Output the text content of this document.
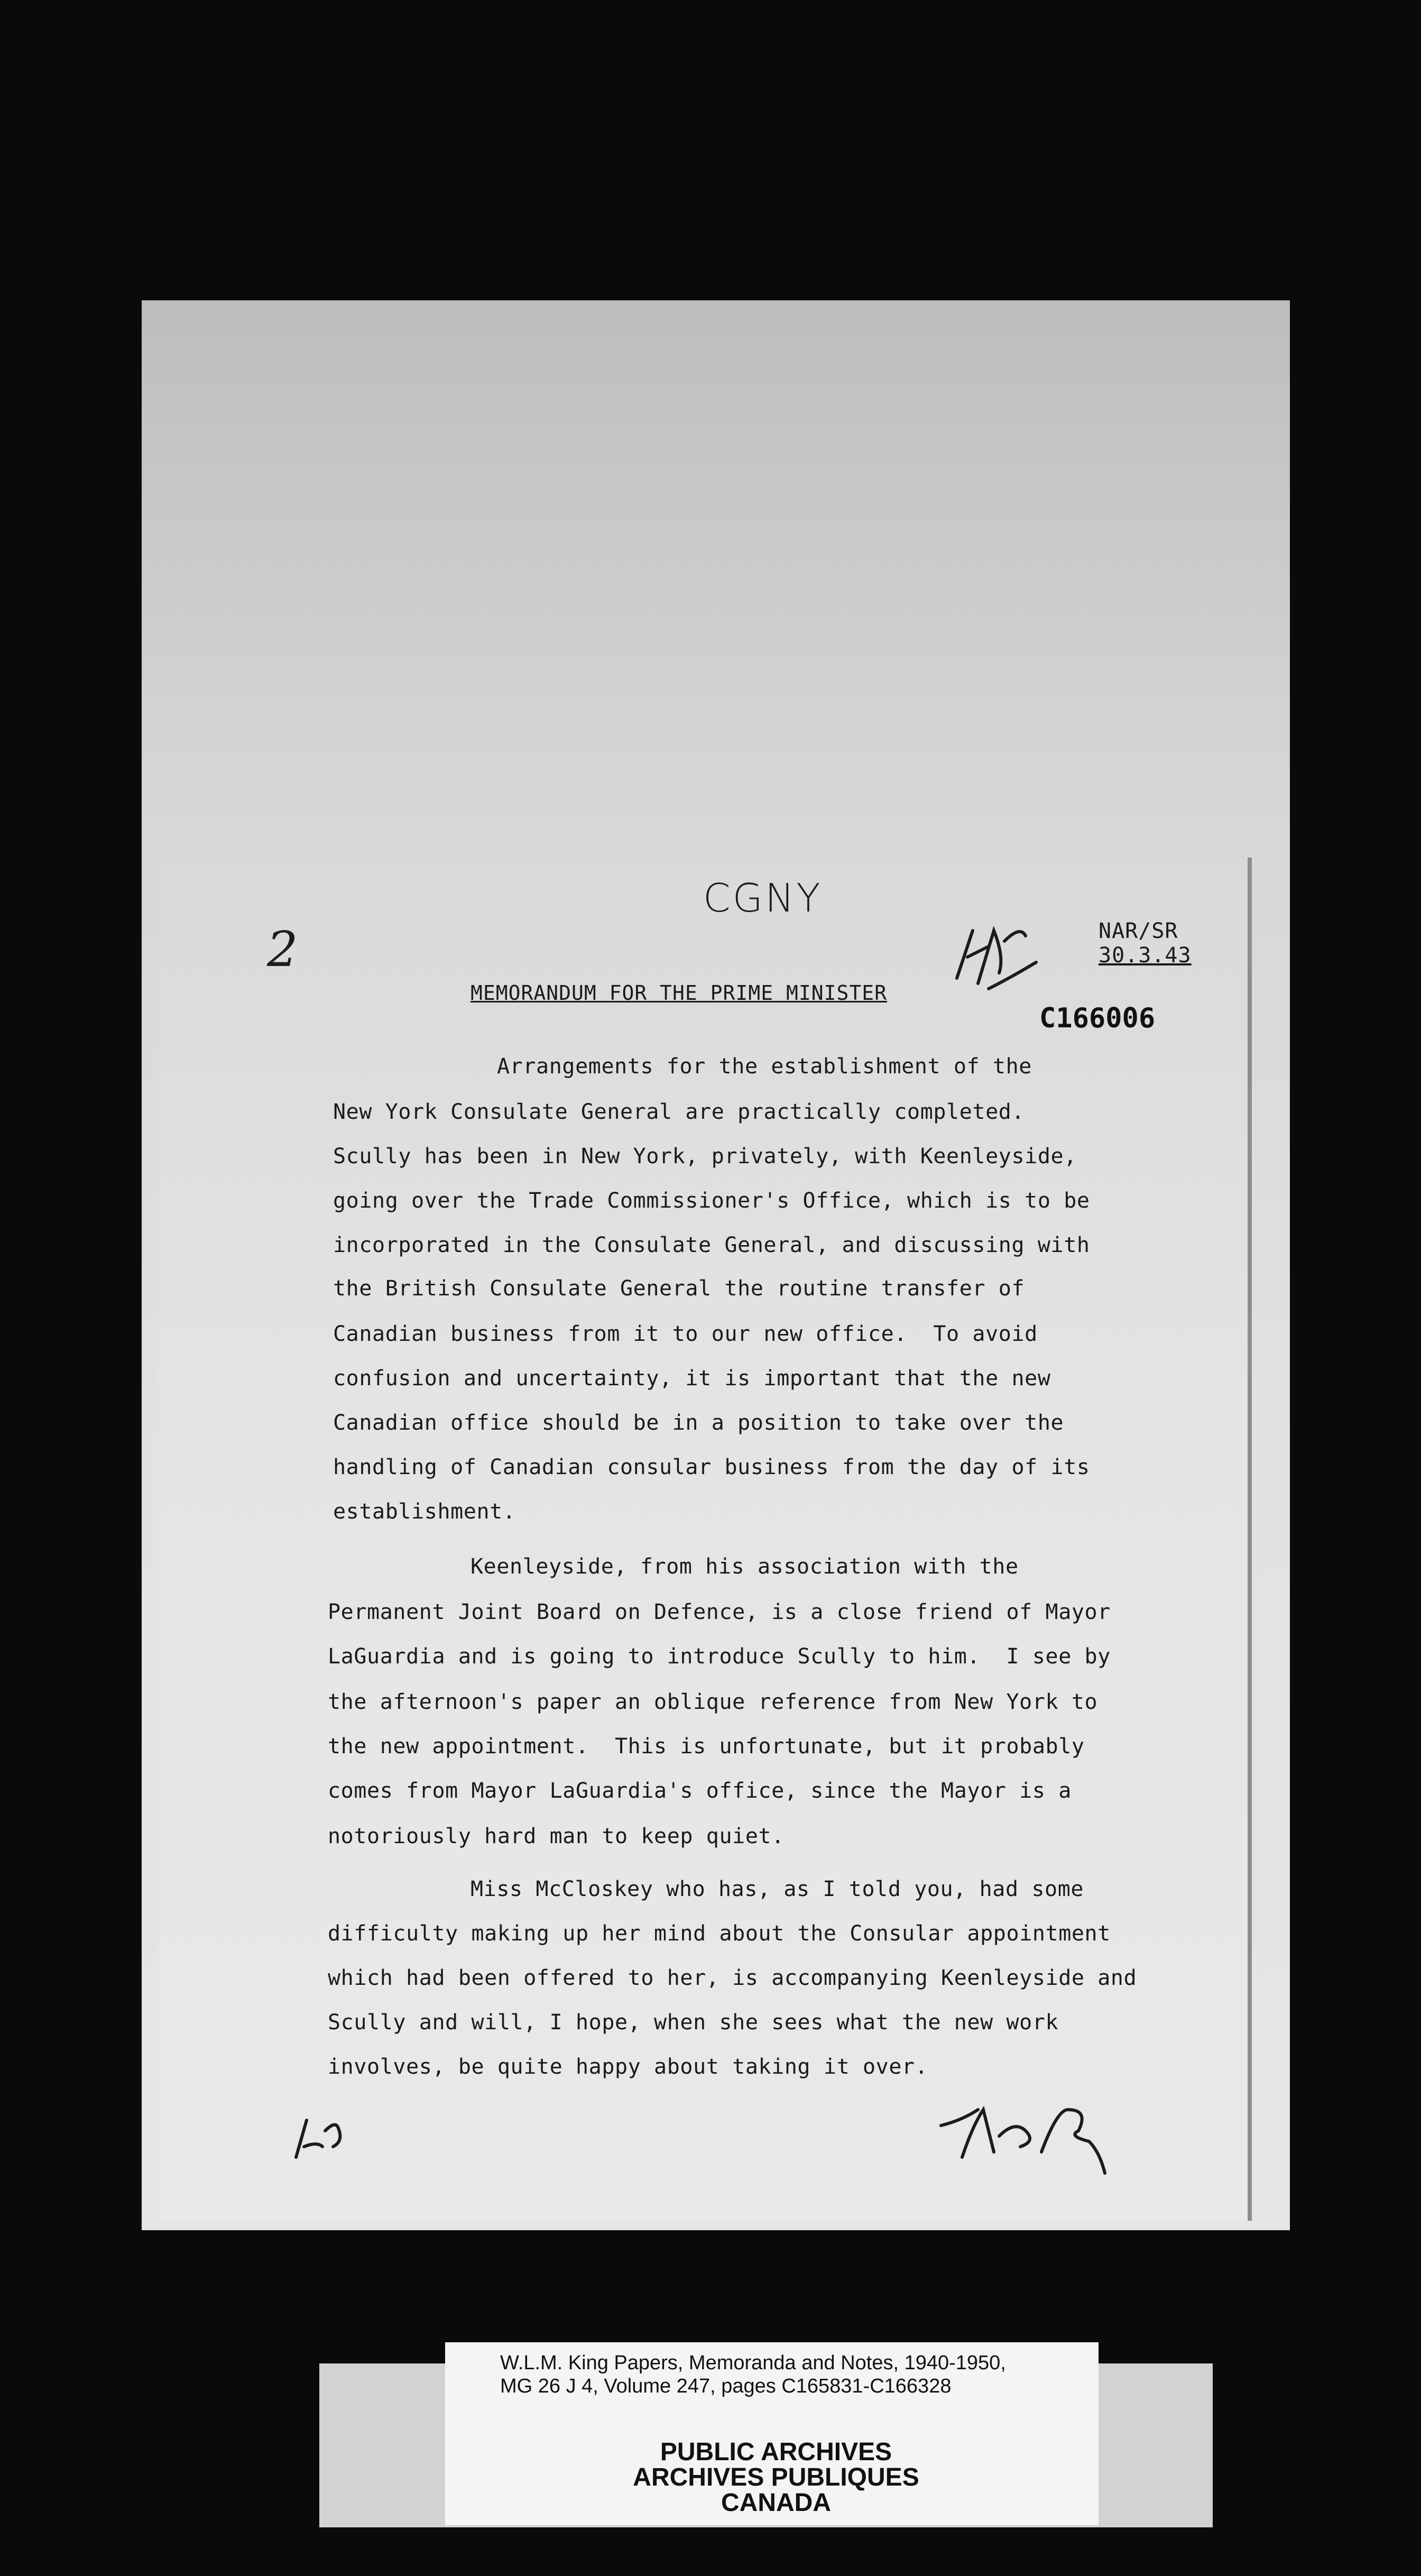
CGNY
2	NAR/SR
30.3.43
C166006
MEMORANDUM FOR THE PRIME MINISTER
Arrangements for the establishment of the
New York Consulate General are practically completed.
Scully has been in New York, privately, with Keenleyside,
going over the Trade Commissioner's Office, which is to be
incorporated in the Consulate General, and discussing with
the British Consulate General the routine transfer of
Canadian business from it to our new office.  To avoid
confusion and uncertainty, it is important that the new
Canadian office should be in a position to take over the
handling of Canadian consular business from the day of its
establishment.
Keenleyside, from his association with the
Permanent Joint Board on Defence, is a close friend of Mayor
LaGuardia and is going to introduce Scully to him.  I see by
the afternoon's paper an oblique reference from New York to
the new appointment.  This is unfortunate, but it probably
comes from Mayor LaGuardia's office, since the Mayor is a
notoriously hard man to keep quiet.
Miss McCloskey who has, as I told you, had some
difficulty making up her mind about the Consular appointment
which had been offered to her, is accompanying Keenleyside and
Scully and will, I hope, when she sees what the new work
involves, be quite happy about taking it over.
W.L.M. King Papers, Memoranda and Notes, 1940-1950,
MG 26 J 4, Volume 247, pages C165831-C166328
PUBLIC ARCHIVES
ARCHIVES PUBLIQUES
CANADA
